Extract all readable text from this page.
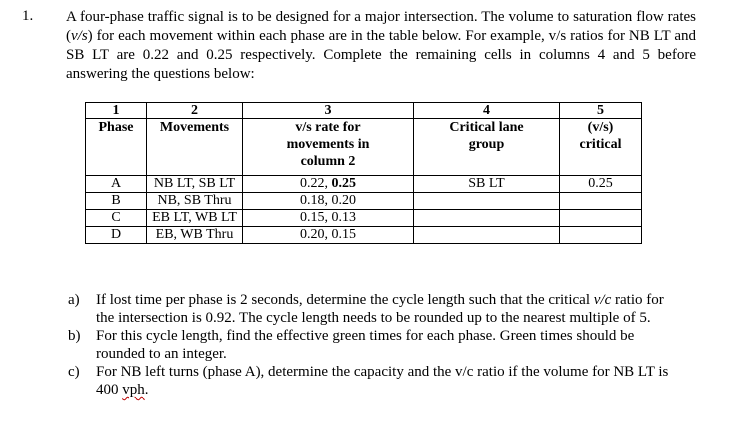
1. A four-phase traffic signal is to be designed for a major intersection. The volume to saturation flow rates (v/s) for each movement within each phase are in the table below. For example, v/s ratios for NB LT and SB LT are 0.22 and 0.25 respectively. Complete the remaining cells in columns 4 and 5 before answering the questions below:
1	2	3	4	5
Phase	Movements	v/s rate for movements in column 2	Critical lane group	(v/s) critical

A	NB LT, SB LT	0.22, 0.25	SB LT	0.25
B	NB, SB Thru	0.18, 0.20		
C	EB LT, WB LT	0.15, 0.13		
D	EB, WB Thru	0.20, 0.15		
a) If lost time per phase is 2 seconds, determine the cycle length such that the critical v/c ratio for the intersection is 0.92. The cycle length needs to be rounded up to the nearest multiple of 5.
b) For this cycle length, find the effective green times for each phase. Green times should be rounded to an integer.
c) For NB left turns (phase A), determine the capacity and the v/c ratio if the volume for NB LT is 400 vph.
